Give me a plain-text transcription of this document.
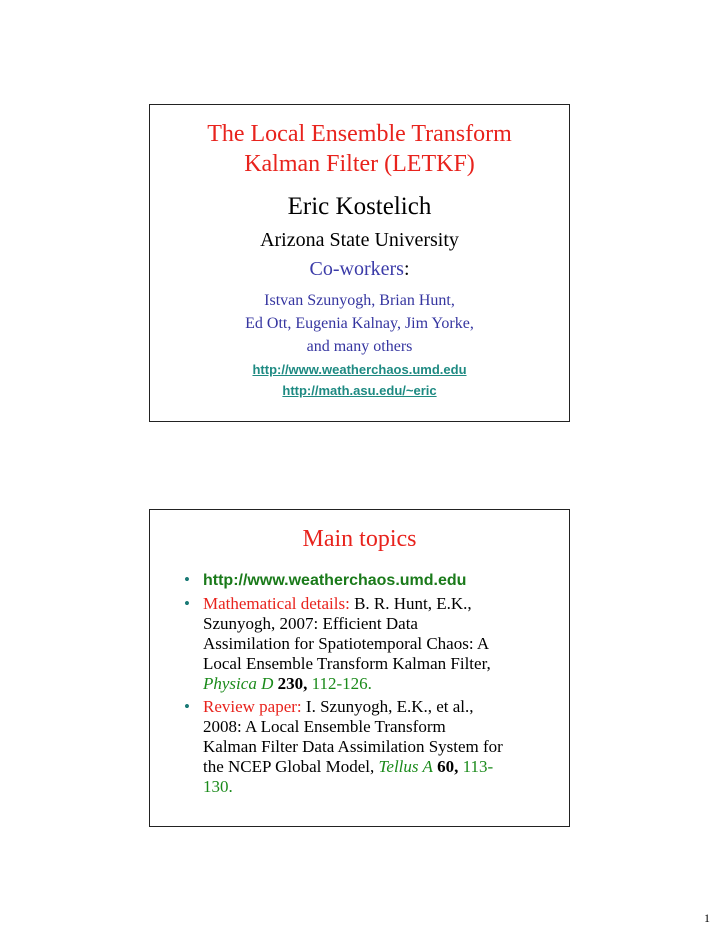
The Local Ensemble Transform
Kalman Filter (LETKF)
Eric Kostelich
Arizona State University
Co-workers:
Istvan Szunyogh, Brian Hunt,
Ed Ott, Eugenia Kalnay, Jim Yorke,
and many others
http://www.weatherchaos.umd.edu
http://math.asu.edu/~eric
Main topics
• http://www.weatherchaos.umd.edu
• Mathematical details: B. R. Hunt, E.K.,
Szunyogh, 2007: Efficient Data
Assimilation for Spatiotemporal Chaos: A
Local Ensemble Transform Kalman Filter,
Physica D 230, 112-126.
• Review paper: I. Szunyogh, E.K., et al.,
2008: A Local Ensemble Transform
Kalman Filter Data Assimilation System for
the NCEP Global Model, Tellus A 60, 113-
130.
1
